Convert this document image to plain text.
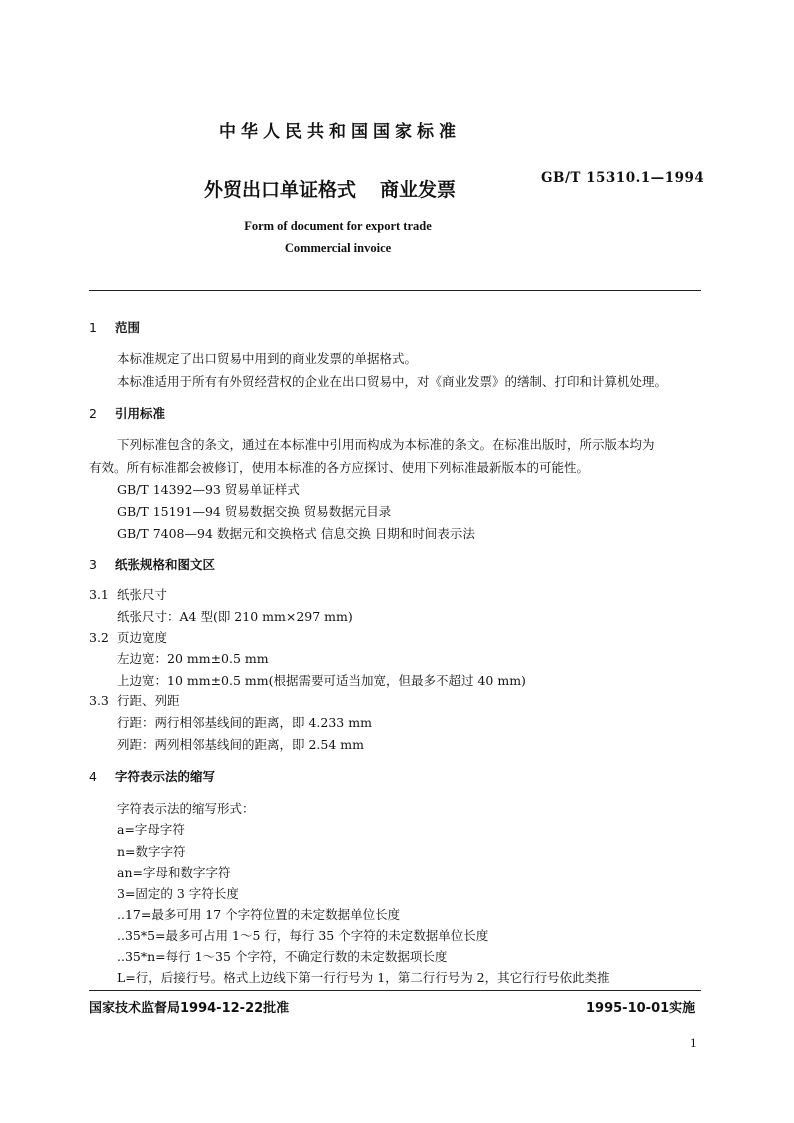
中华人民共和国国家标准
外贸出口单证格式 商业发票
GB/T 15310.1—1994
Form of document for export trade
Commercial invoice
1 范围
本标准规定了出口贸易中用到的商业发票的单据格式。
本标准适用于所有有外贸经营权的企业在出口贸易中，对《商业发票》的缮制、打印和计算机处理。
2 引用标准
下列标准包含的条文，通过在本标准中引用而构成为本标准的条文。在标准出版时，所示版本均为
有效。所有标准都会被修订，使用本标准的各方应探讨、使用下列标准最新版本的可能性。
GB/T 14392—93 贸易单证样式
GB/T 15191—94 贸易数据交换 贸易数据元目录
GB/T 7408—94 数据元和交换格式 信息交换 日期和时间表示法
3 纸张规格和图文区
3.1 纸张尺寸
纸张尺寸：A4 型(即 210 mm×297 mm)
3.2 页边宽度
左边宽：20 mm±0.5 mm
上边宽：10 mm±0.5 mm(根据需要可适当加宽，但最多不超过 40 mm)
3.3 行距、列距
行距：两行相邻基线间的距离，即 4.233 mm
列距：两列相邻基线间的距离，即 2.54 mm
4 字符表示法的缩写
字符表示法的缩写形式：
a=字母字符
n=数字字符
an=字母和数字字符
3=固定的 3 字符长度
..17=最多可用 17 个字符位置的未定数据单位长度
..35*5=最多可占用 1～5 行，每行 35 个字符的未定数据单位长度
..35*n=每行 1～35 个字符，不确定行数的未定数据项长度
L=行，后接行号。格式上边线下第一行行号为 1，第二行行号为 2，其它行行号依此类推
国家技术监督局1994-12-22批准	1995-10-01实施
1
